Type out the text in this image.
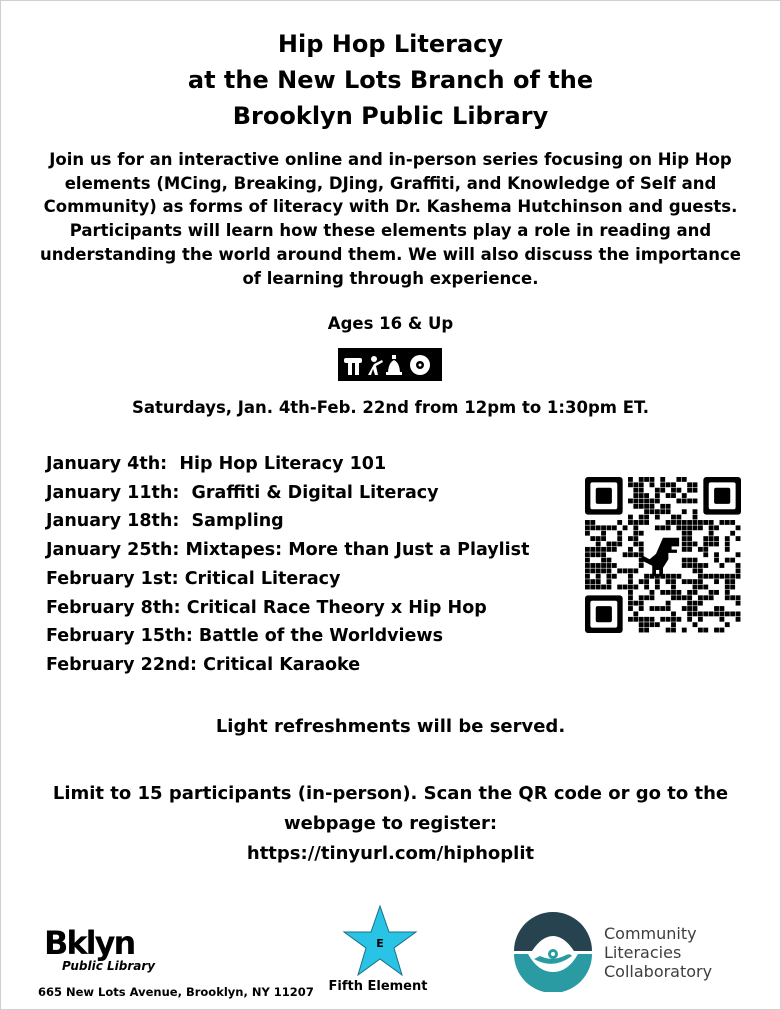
Hip Hop Literacy
at the New Lots Branch of the
Brooklyn Public Library
Join us for an interactive online and in-person series focusing on Hip Hop elements (MCing, Breaking, DJing, Graffiti, and Knowledge of Self and Community) as forms of literacy with Dr. Kashema Hutchinson and guests. Participants will learn how these elements play a role in reading and understanding the world around them. We will also discuss the importance of learning through experience.
Ages 16 & Up
Saturdays, Jan. 4th-Feb. 22nd from 12pm to 1:30pm ET.
January 4th:  Hip Hop Literacy 101
January 11th:  Graffiti & Digital Literacy
January 18th:  Sampling
January 25th: Mixtapes: More than Just a Playlist
February 1st: Critical Literacy
February 8th: Critical Race Theory x Hip Hop
February 15th: Battle of the Worldviews
February 22nd: Critical Karaoke
Light refreshments will be served.
Limit to 15 participants (in-person). Scan the QR code or go to the webpage to register:
https://tinyurl.com/hiphoplit
Bklyn
Public Library
665 New Lots Avenue, Brooklyn, NY 11207
E
Fifth Element
Community
Literacies
Collaboratory
